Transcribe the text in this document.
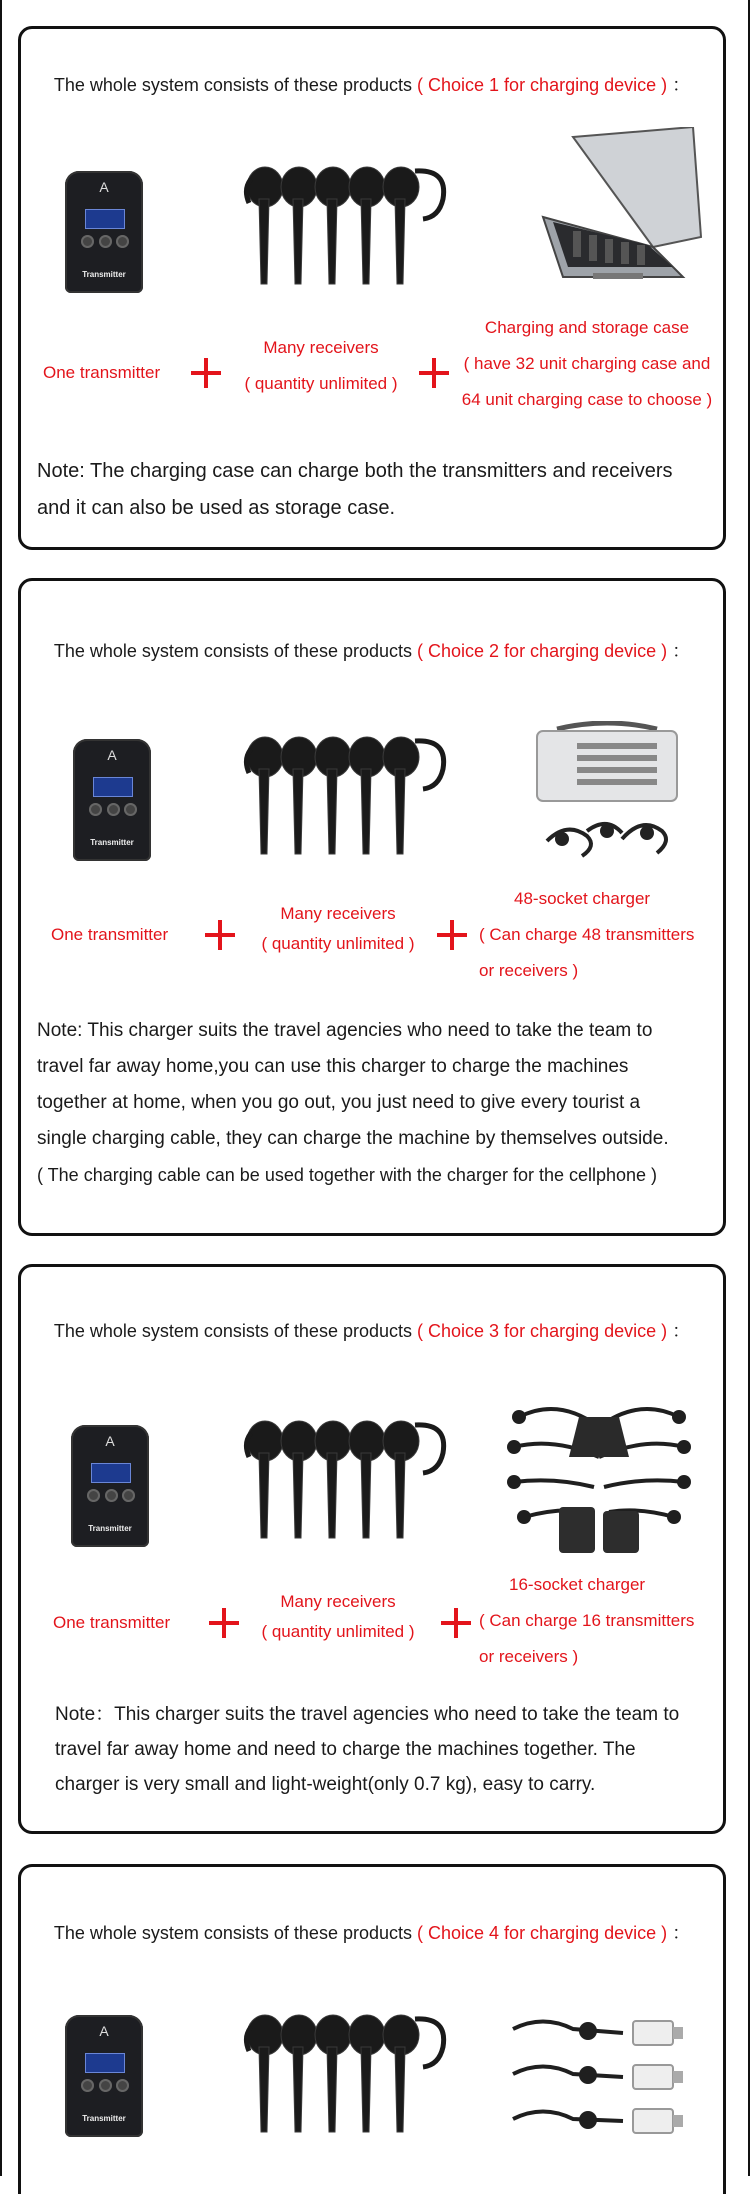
The whole system consists of these products ( Choice 1 for charging device ) ：
A
Transmitter
One transmitter
Many receivers
( quantity unlimited )
Charging and storage case
( have 32 unit charging case and
64 unit charging case to choose )
Note: The charging case can charge both the transmitters and receivers
and it can also be used as storage case.
The whole system consists of these products ( Choice 2 for charging device ) ：
A
Transmitter
One transmitter
Many receivers
( quantity unlimited )
48-socket charger
( Can charge 48 transmitters
or receivers )
Note: This charger suits the travel agencies who need to take the team to
travel far away home,you can use this charger to charge the machines
together at home, when you go out, you just need to give every tourist a
single charging cable, they can charge the machine by themselves outside.
( The charging cable can be used together with the charger for the cellphone )
The whole system consists of these products ( Choice 3 for charging device ) ：
A
Transmitter
One transmitter
Many receivers
( quantity unlimited )
16-socket charger
( Can charge 16 transmitters
or receivers )
Note：This charger suits the travel agencies who need to take the team to
travel far away home and need to charge the machines together. The
charger is very small and light-weight(only 0.7 kg), easy to carry.
The whole system consists of these products ( Choice 4 for charging device ) ：
A
Transmitter
